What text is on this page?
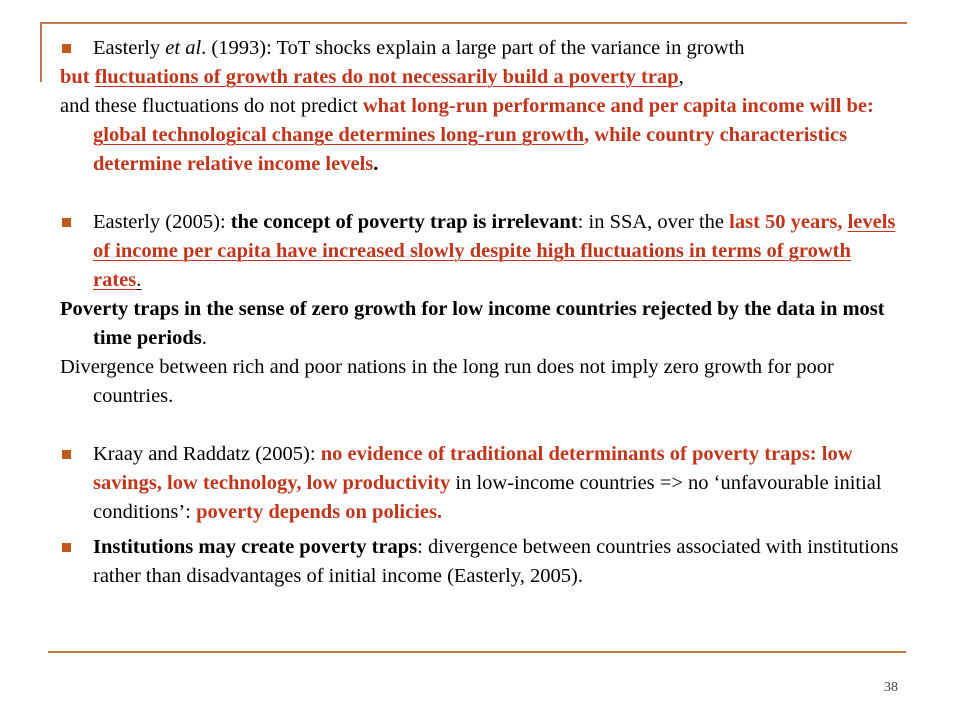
Easterly et al. (1993): ToT shocks explain a large part of the variance in growth
but fluctuations of growth rates do not necessarily build a poverty trap,
and these fluctuations do not predict what long-run performance and per capita income will be: global technological change determines long-run growth, while country characteristics determine relative income levels.
Easterly (2005): the concept of poverty trap is irrelevant: in SSA, over the last 50 years, levels of income per capita have increased slowly despite high fluctuations in terms of growth rates.
Poverty traps in the sense of zero growth for low income countries rejected by the data in most time periods.
Divergence between rich and poor nations in the long run does not imply zero growth for poor countries.
Kraay and Raddatz (2005): no evidence of traditional determinants of poverty traps: low savings, low technology, low productivity in low-income countries => no ‘unfavourable initial conditions’: poverty depends on policies.
Institutions may create poverty traps: divergence between countries associated with institutions rather than disadvantages of initial income (Easterly, 2005).
38
